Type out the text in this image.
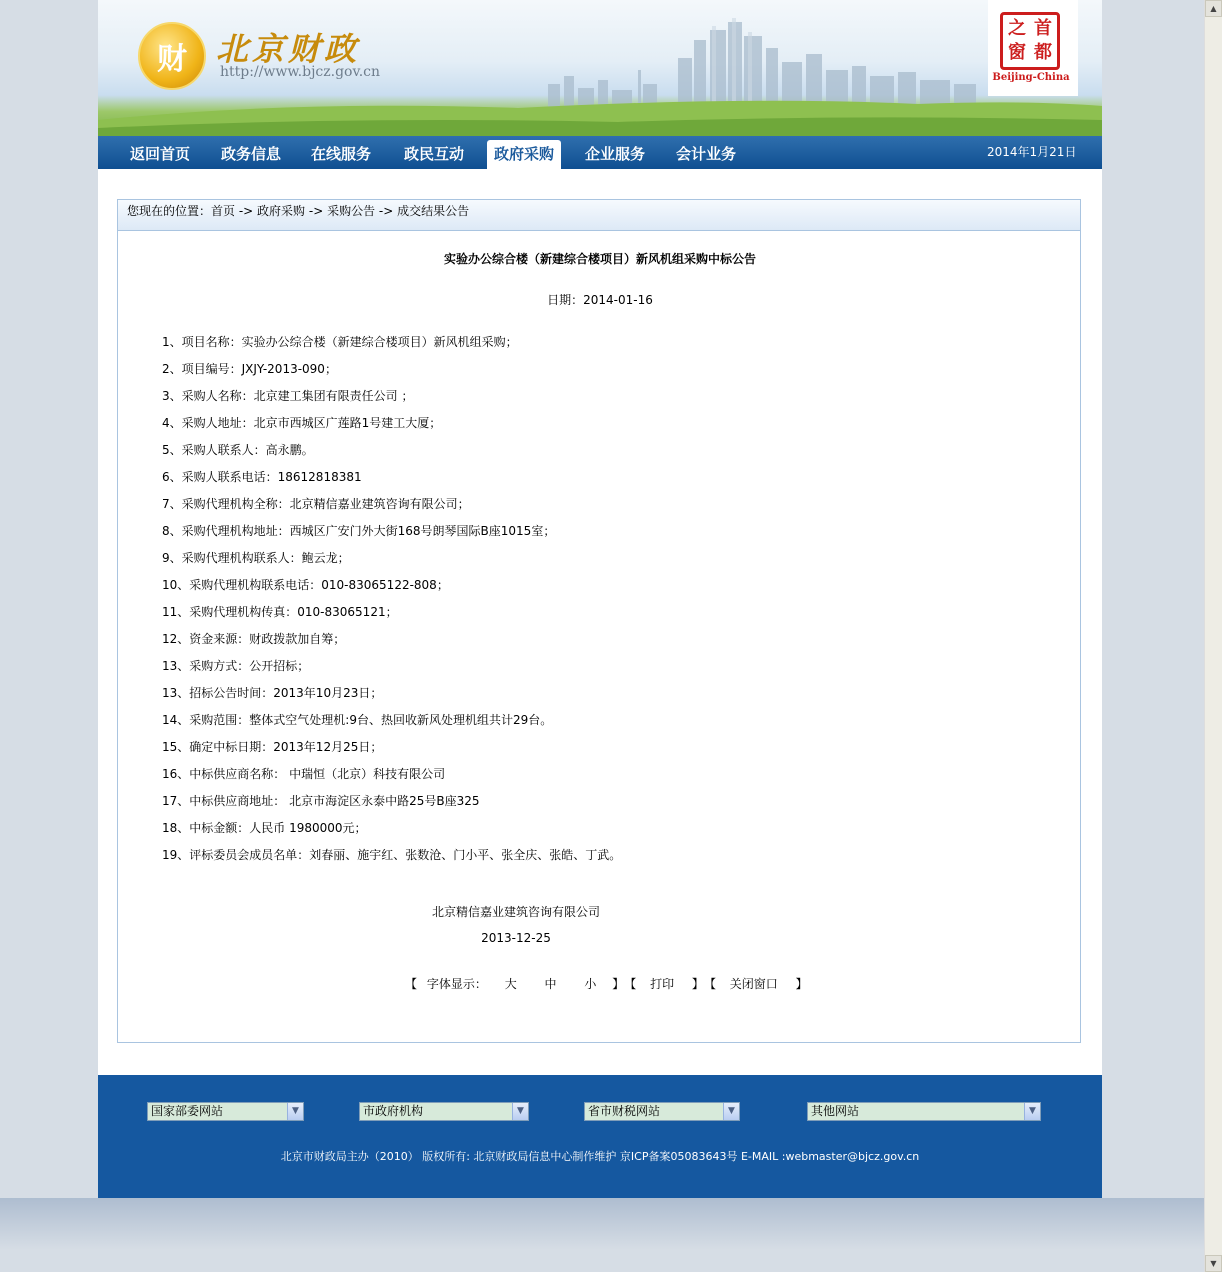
财 北京财政
http://www.bjcz.gov.cn
之 首
窗 都
Beijing-China
返回首页	政务信息	在线服务	政民互动	政府采购	企业服务	会计业务	2014年1月21日
您现在的位置：首页 -> 政府采购 -> 采购公告 -> 成交结果公告
实验办公综合楼（新建综合楼项目）新风机组采购中标公告
日期：2014-01-16
1、项目名称：实验办公综合楼（新建综合楼项目）新风机组采购；
2、项目编号：JXJY-2013-090；
3、采购人名称：北京建工集团有限责任公司 ；
4、采购人地址：北京市西城区广莲路1号建工大厦；
5、采购人联系人：高永鹏。
6、采购人联系电话：18612818381
7、采购代理机构全称：北京精信嘉业建筑咨询有限公司；
8、采购代理机构地址：西城区广安门外大街168号朗琴国际B座1015室；
9、采购代理机构联系人：鲍云龙；
10、采购代理机构联系电话：010-83065122-808；
11、采购代理机构传真：010-83065121；
12、资金来源：财政拨款加自筹；
13、采购方式：公开招标；
13、招标公告时间：2013年10月23日；
14、采购范围：整体式空气处理机:9台、热回收新风处理机组共计29台。
15、确定中标日期：2013年12月25日；
16、中标供应商名称： 中瑞恒（北京）科技有限公司
17、中标供应商地址： 北京市海淀区永泰中路25号B座325
18、中标金额：人民币 1980000元；
19、评标委员会成员名单：刘春丽、施宇红、张数沧、门小平、张全庆、张皓、丁武。
北京精信嘉业建筑咨询有限公司
2013-12-25
【 字体显示： 大 中 小 】【 打印 】【 关闭窗口 】
国家部委网站	▼	市政府机构	▼	省市财税网站	▼	其他网站	▼
北京市财政局主办（2010） 版权所有: 北京财政局信息中心制作维护 京ICP备案05083643号 E-MAIL :webmaster@bjcz.gov.cn
▲
▼
